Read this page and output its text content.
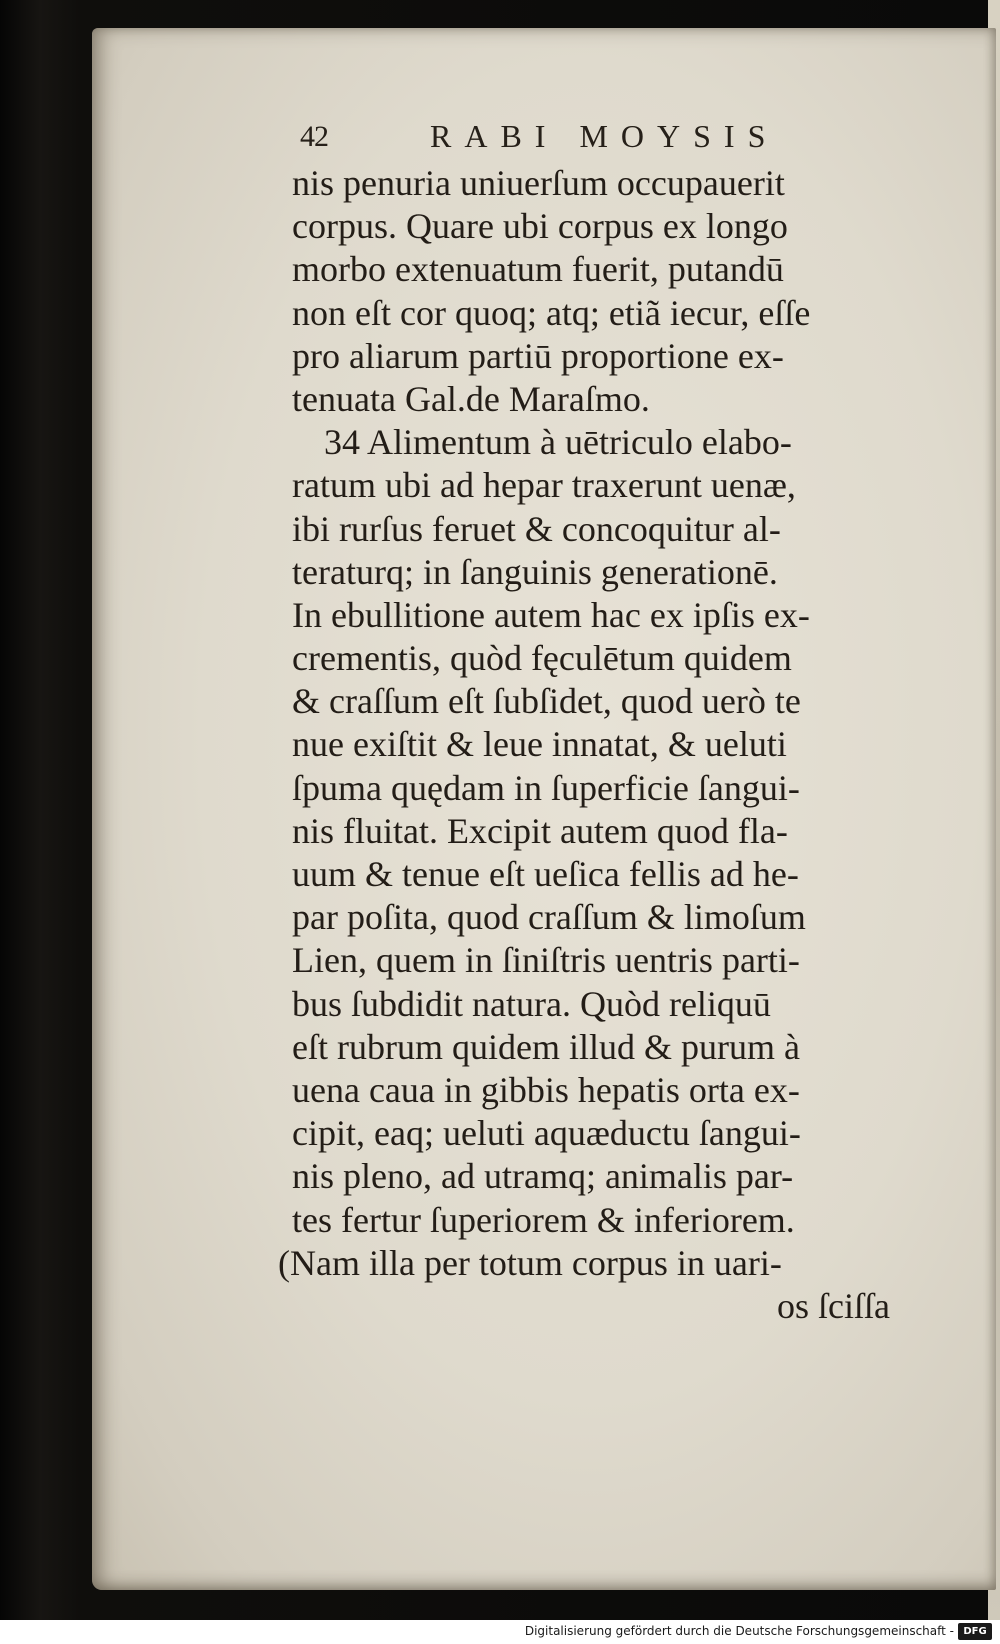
42	RABI MOYSIS
nis penuria uniuerſum occupauerit
corpus. Quare ubi corpus ex longo
morbo extenuatum fuerit, putandū
non eſt cor quoq; atq; etiã iecur, eſſe
pro aliarum partiū proportione ex-
tenuata Gal.de Maraſmo.
34 Alimentum à uētriculo elabo-
ratum ubi ad hepar traxerunt uenæ,
ibi rurſus feruet & concoquitur al-
teraturq; in ſanguinis generationē.
In ebullitione autem hac ex ipſis ex-
crementis, quòd fęculētum quidem
& craſſum eſt ſubſidet, quod uerò te
nue exiſtit & leue innatat, & ueluti
ſpuma quędam in ſuperficie ſangui-
nis fluitat. Excipit autem quod fla-
uum & tenue eſt ueſica fellis ad he-
par poſita, quod craſſum & limoſum
Lien, quem in ſiniſtris uentris parti-
bus ſubdidit natura. Quòd reliquū
eſt rubrum quidem illud & purum à
uena caua in gibbis hepatis orta ex-
cipit, eaq; ueluti aquæductu ſangui-
nis pleno, ad utramq; animalis par-
tes fertur ſuperiorem & inferiorem.
(Nam illa per totum corpus in uari-
os ſciſſa
Digitalisierung gefördert durch die Deutsche Forschungsgemeinschaft - DFG
